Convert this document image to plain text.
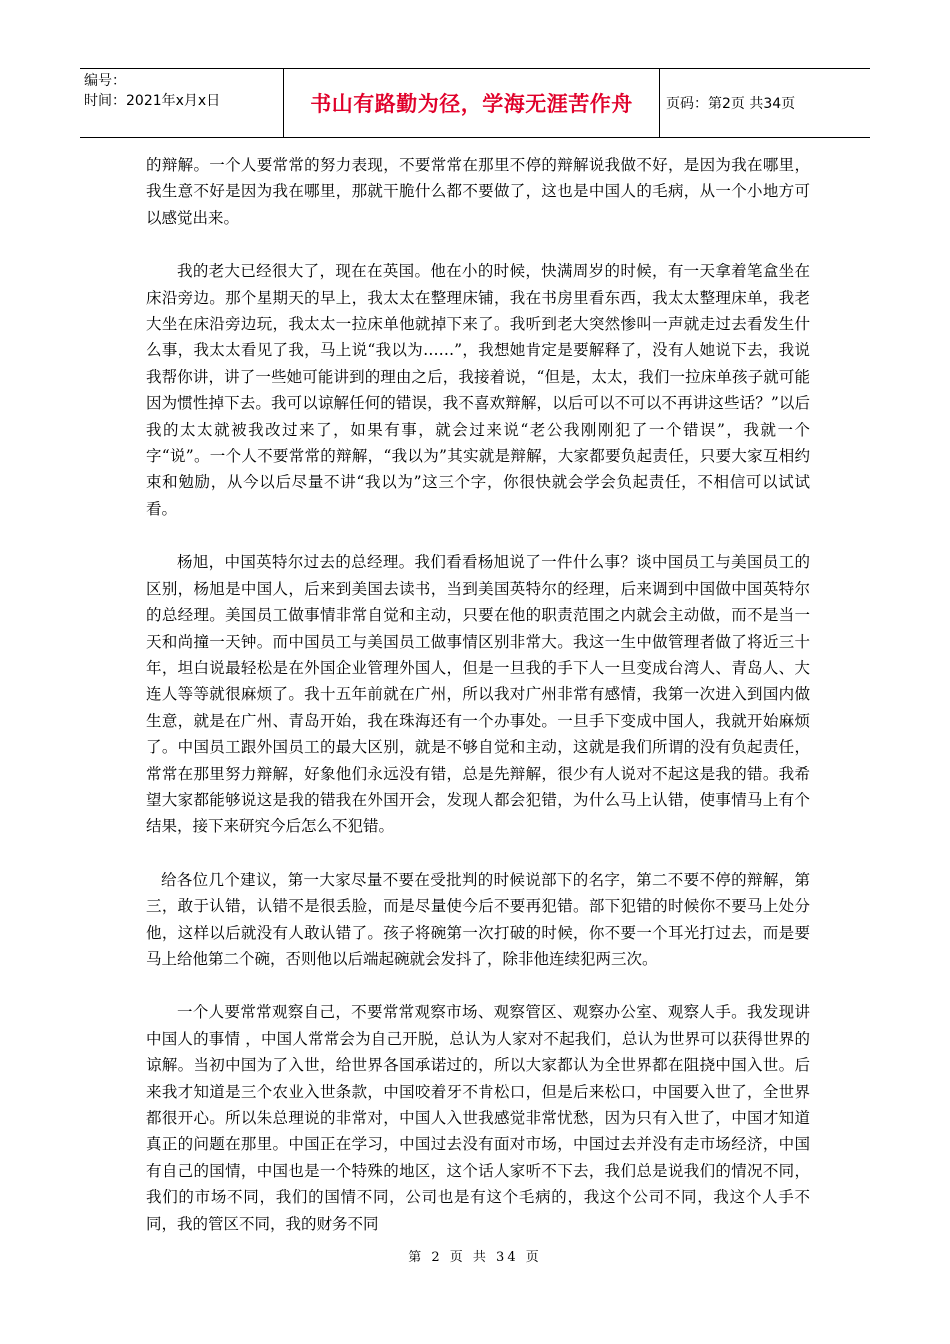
编号：
时间：2021年x月x日	书山有路勤为径，学海无涯苦作舟 页码：第2页 共34页

的辩解。一个人要常常的努力表现，不要常常在那里不停的辩解说我做不好，是因为我在哪里，我生意不好是因为我在哪里，那就干脆什么都不要做了，这也是中国人的毛病，从一个小地方可以感觉出来。

我的老大已经很大了，现在在英国。他在小的时候，快满周岁的时候，有一天拿着笔盒坐在床沿旁边。那个星期天的早上，我太太在整理床铺，我在书房里看东西，我太太整理床单，我老大坐在床沿旁边玩，我太太一拉床单他就掉下来了。我听到老大突然惨叫一声就走过去看发生什么事，我太太看见了我，马上说“我以为……”，我想她肯定是要解释了，没有人她说下去，我说我帮你讲，讲了一些她可能讲到的理由之后，我接着说，“但是，太太，我们一拉床单孩子就可能因为惯性掉下去。我可以谅解任何的错误，我不喜欢辩解，以后可以不可以不再讲这些话？”以后我的太太就被我改过来了，如果有事，就会过来说“老公我刚刚犯了一个错误”，我就一个字“说”。一个人不要常常的辩解，“我以为”其实就是辩解，大家都要负起责任，只要大家互相约束和勉励，从今以后尽量不讲“我以为”这三个字，你很快就会学会负起责任，不相信可以试试看。

杨旭，中国英特尔过去的总经理。我们看看杨旭说了一件什么事？谈中国员工与美国员工的区别，杨旭是中国人，后来到美国去读书，当到美国英特尔的经理，后来调到中国做中国英特尔的总经理。美国员工做事情非常自觉和主动，只要在他的职责范围之内就会主动做，而不是当一天和尚撞一天钟。而中国员工与美国员工做事情区别非常大。我这一生中做管理者做了将近三十年，坦白说最轻松是在外国企业管理外国人，但是一旦我的手下人一旦变成台湾人、青岛人、大连人等等就很麻烦了。我十五年前就在广州，所以我对广州非常有感情，我第一次进入到国内做生意，就是在广州、青岛开始，我在珠海还有一个办事处。一旦手下变成中国人，我就开始麻烦了。中国员工跟外国员工的最大区别，就是不够自觉和主动，这就是我们所谓的没有负起责任，常常在那里努力辩解，好象他们永远没有错，总是先辩解，很少有人说对不起这是我的错。我希望大家都能够说这是我的错我在外国开会，发现人都会犯错，为什么马上认错，使事情马上有个结果，接下来研究今后怎么不犯错。

给各位几个建议，第一大家尽量不要在受批判的时候说部下的名字，第二不要不停的辩解，第三，敢于认错，认错不是很丢脸，而是尽量使今后不要再犯错。部下犯错的时候你不要马上处分他，这样以后就没有人敢认错了。孩子将碗第一次打破的时候，你不要一个耳光打过去，而是要马上给他第二个碗，否则他以后端起碗就会发抖了，除非他连续犯两三次。

一个人要常常观察自己，不要常常观察市场、观察管区、观察办公室、观察人手。我发现讲中国人的事情 ，中国人常常会为自己开脱，总认为人家对不起我们，总认为世界可以获得世界的谅解。当初中国为了入世，给世界各国承诺过的，所以大家都认为全世界都在阻挠中国入世。后来我才知道是三个农业入世条款，中国咬着牙不肯松口，但是后来松口，中国要入世了，全世界都很开心。所以朱总理说的非常对，中国人入世我感觉非常忧愁，因为只有入世了，中国才知道真正的问题在那里。中国正在学习，中国过去没有面对市场，中国过去并没有走市场经济，中国有自己的国情，中国也是一个特殊的地区，这个话人家听不下去，我们总是说我们的情况不同，我们的市场不同，我们的国情不同，公司也是有这个毛病的，我这个公司不同，我这个人手不同，我的管区不同，我的财务不同

第 2 页 共 34 页
